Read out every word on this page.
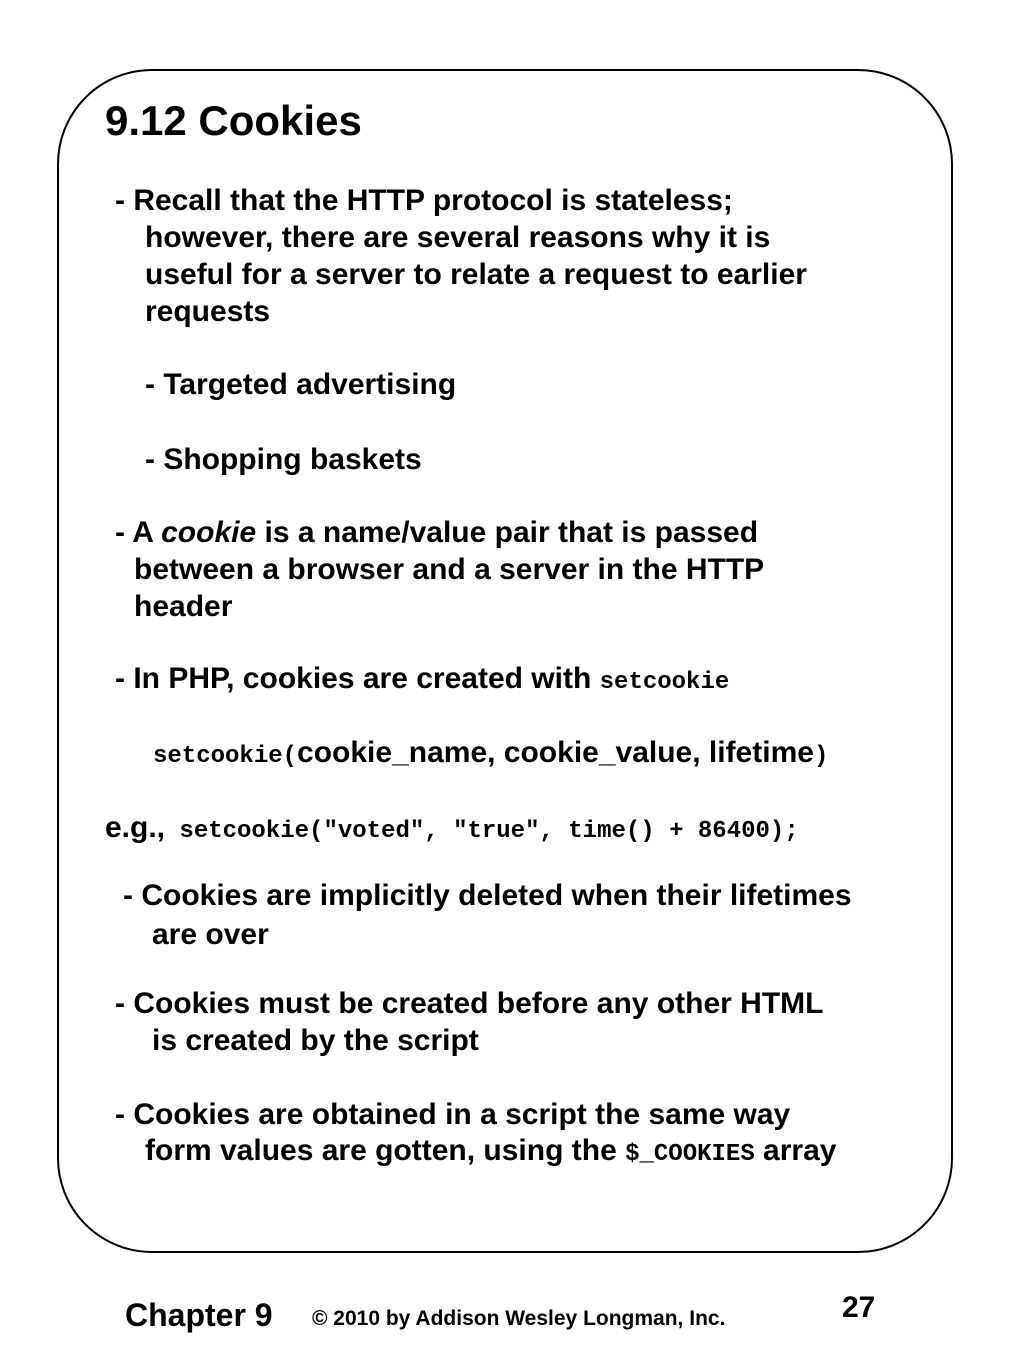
9.12 Cookies
- Recall that the HTTP protocol is stateless;
however, there are several reasons why it is
useful for a server to relate a request to earlier
requests
- Targeted advertising
- Shopping baskets
- A cookie is a name/value pair that is passed
between a browser and a server in the HTTP
header
- In PHP, cookies are created with setcookie
setcookie(cookie_name, cookie_value, lifetime)
e.g., setcookie("voted", "true", time() + 86400);
- Cookies are implicitly deleted when their lifetimes
are over
- Cookies must be created before any other HTML
is created by the script
- Cookies are obtained in a script the same way
form values are gotten, using the $_COOKIES array
Chapter 9 © 2010 by Addison Wesley Longman, Inc.	27
